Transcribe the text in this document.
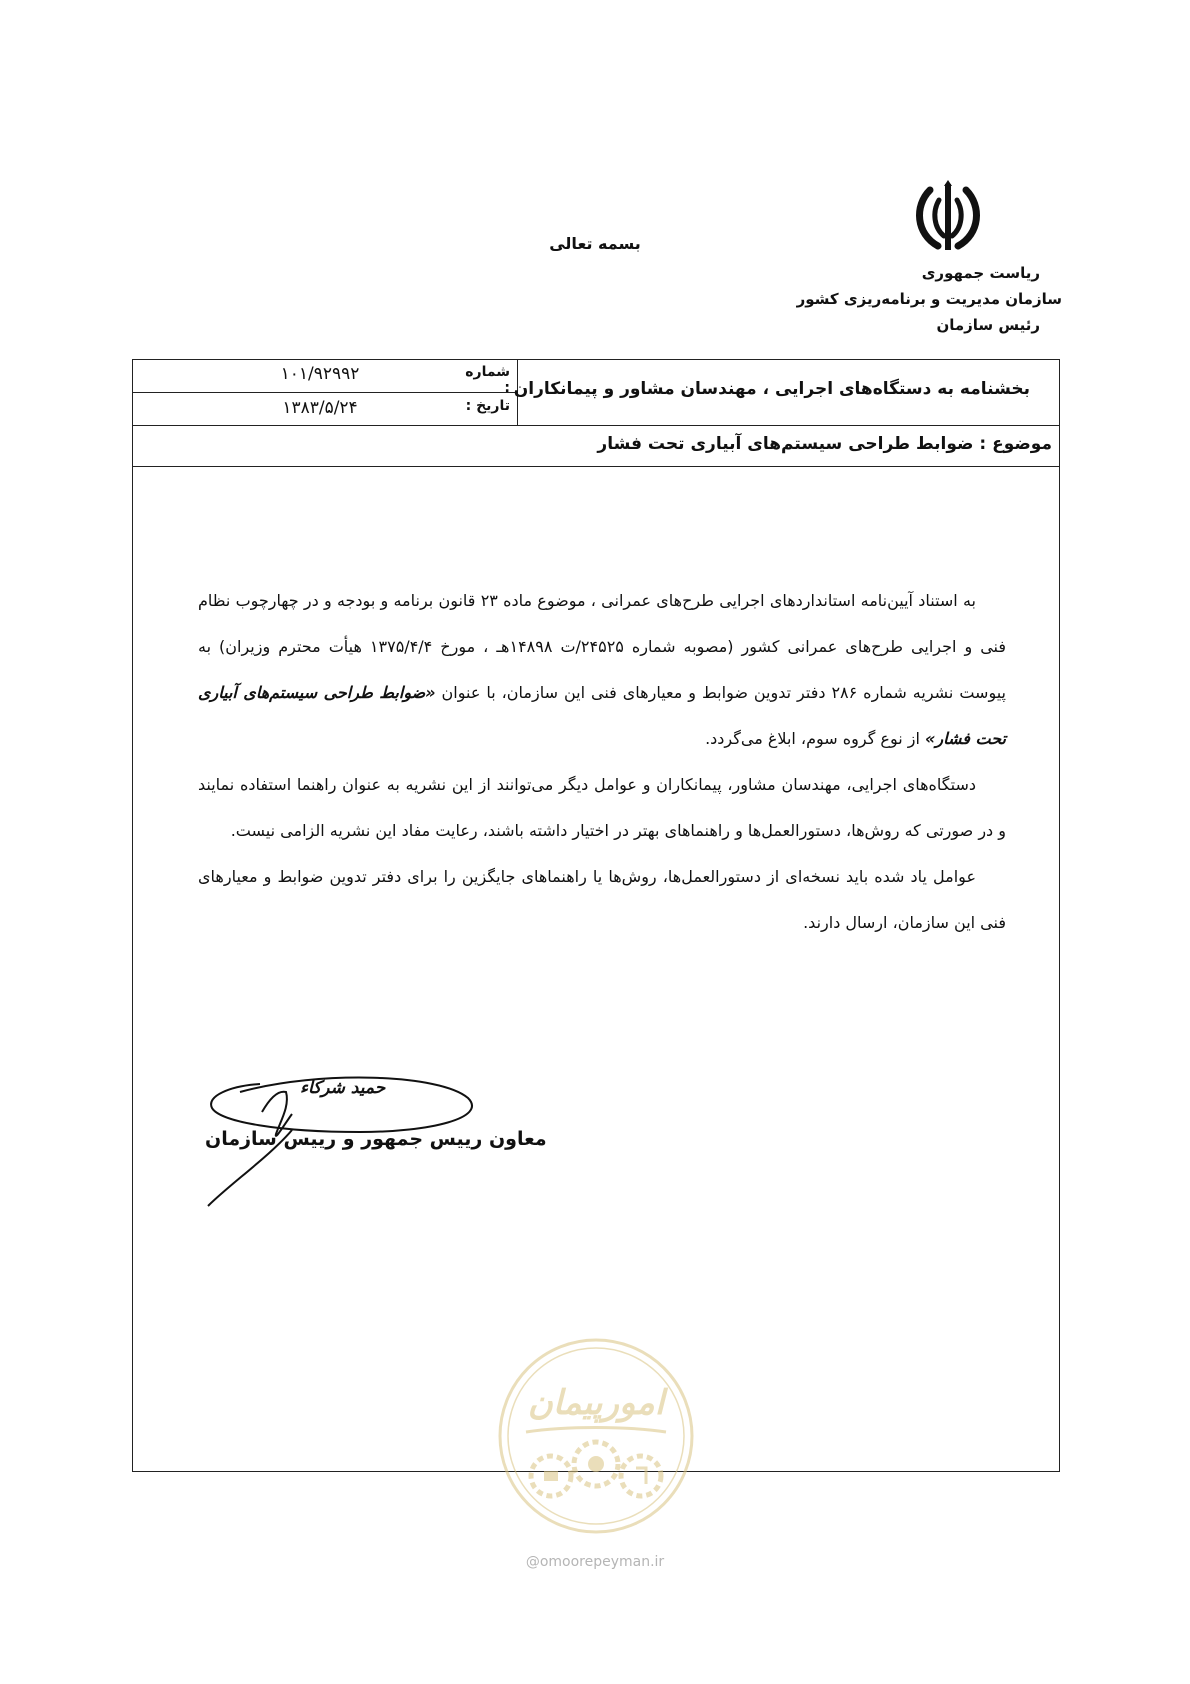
بسمه تعالی
ریاست جمهوری
سازمان مدیریت و برنامه‌ریزی کشور
رئیس سازمان
شماره :
۱۰۱/۹۲۹۹۲
تاریخ :
۱۳۸۳/۵/۲۴
بخشنامه به دستگاه‌های اجرایی ، مهندسان مشاور و پیمانکاران
موضوع : ضوابط طراحی سیستم‌های آبیاری تحت فشار

به استناد آیین‌نامه استانداردهای اجرایی طرح‌های عمرانی ، موضوع ماده ۲۳ قانون برنامه و بودجه و در چهارچوب نظام فنی و اجرایی طرح‌های عمرانی کشور (مصوبه شماره ۲۴۵۲۵/ت ۱۴۸۹۸هـ ، مورخ ۱۳۷۵/۴/۴ هیأت محترم وزیران) به پیوست نشریه شماره ۲۸۶ دفتر تدوین ضوابط و معیارهای فنی این سازمان، با عنوان «ضوابط طراحی سیستم‌های آبیاری تحت فشار» از نوع گروه سوم، ابلاغ می‌گردد.

دستگاه‌های اجرایی، مهندسان مشاور، پیمانکاران و عوامل دیگر می‌توانند از این نشریه به عنوان راهنما استفاده نمایند و در صورتی که روش‌ها، دستورالعمل‌ها و راهنماهای بهتر در اختیار داشته باشند، رعایت مفاد این نشریه الزامی نیست.

عوامل یاد شده باید نسخه‌ای از دستورالعمل‌ها، روش‌ها یا راهنماهای جایگزین را برای دفتر تدوین ضوابط و معیارهای فنی این سازمان، ارسال دارند.

حمید شرکاء
معاون رییس جمهور و رییس سازمان
امورپیمان
@omoorepeyman.ir
